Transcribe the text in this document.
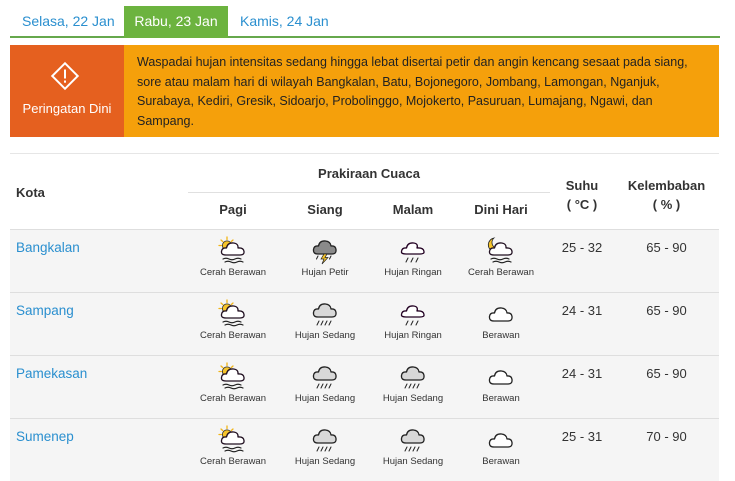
Selasa, 22 Jan	Rabu, 23 Jan	Kamis, 24 Jan
Peringatan Dini
Waspadai hujan intensitas sedang hingga lebat disertai petir dan angin kencang sesaat pada siang, sore atau malam hari di wilayah Bangkalan, Batu, Bojonegoro, Jombang, Lamongan, Nganjuk, Surabaya, Kediri, Gresik, Sidoarjo, Probolinggo, Mojokerto, Pasuruan, Lumajang, Ngawi, dan Sampang.
Kota
Prakiraan Cuaca
Pagi	Siang	Malam	Dini Hari
Suhu
( °C )
Kelembaban
( % )
Bangkalan
Cerah Berawan	Hujan Petir	Hujan Ringan	Cerah Berawan
25 - 32	65 - 90
Sampang
Cerah Berawan	Hujan Sedang	Hujan Ringan	Berawan
24 - 31	65 - 90
Pamekasan
Cerah Berawan	Hujan Sedang	Hujan Sedang	Berawan
24 - 31	65 - 90
Sumenep
Cerah Berawan	Hujan Sedang	Hujan Sedang	Berawan
25 - 31	70 - 90
